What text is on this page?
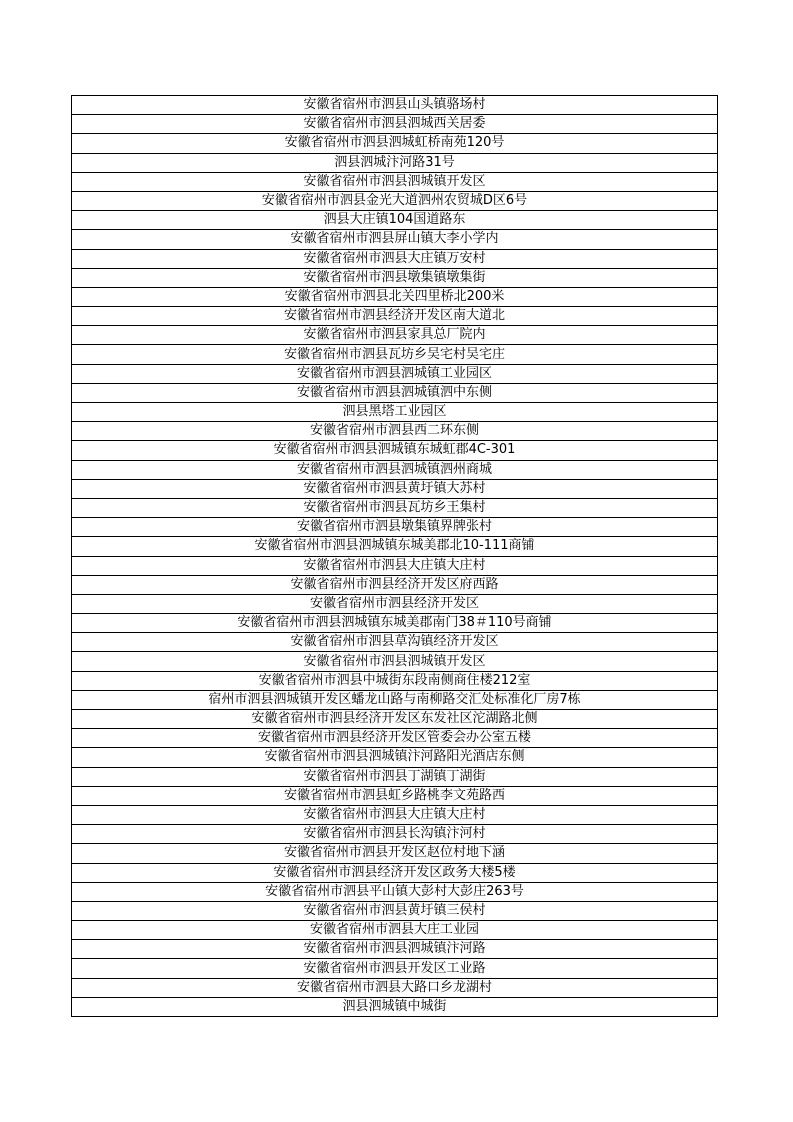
安徽省宿州市泗县山头镇骆场村
安徽省宿州市泗县泗城西关居委
安徽省宿州市泗县泗城虹桥南苑120号
泗县泗城汴河路31号
安徽省宿州市泗县泗城镇开发区
安徽省宿州市泗县金光大道泗州农贸城D区6号
泗县大庄镇104国道路东
安徽省宿州市泗县屏山镇大李小学内
安徽省宿州市泗县大庄镇万安村
安徽省宿州市泗县墩集镇墩集街
安徽省宿州市泗县北关四里桥北200米
安徽省宿州市泗县经济开发区南大道北
安徽省宿州市泗县家具总厂院内
安徽省宿州市泗县瓦坊乡吴宅村吴宅庄
安徽省宿州市泗县泗城镇工业园区
安徽省宿州市泗县泗城镇泗中东侧
泗县黑塔工业园区
安徽省宿州市泗县西二环东侧
安徽省宿州市泗县泗城镇东城虹郡4C-301
安徽省宿州市泗县泗城镇泗州商城
安徽省宿州市泗县黄圩镇大苏村
安徽省宿州市泗县瓦坊乡王集村
安徽省宿州市泗县墩集镇界牌张村
安徽省宿州市泗县泗城镇东城美郡北10-111商铺
安徽省宿州市泗县大庄镇大庄村
安徽省宿州市泗县经济开发区府西路
安徽省宿州市泗县经济开发区
安徽省宿州市泗县泗城镇东城美郡南门38＃110号商铺
安徽省宿州市泗县草沟镇经济开发区
安徽省宿州市泗县泗城镇开发区
安徽省宿州市泗县中城街东段南侧商住楼212室
宿州市泗县泗城镇开发区蟠龙山路与南柳路交汇处标准化厂房7栋
安徽省宿州市泗县经济开发区东发社区沱湖路北侧
安徽省宿州市泗县经济开发区管委会办公室五楼
安徽省宿州市泗县泗城镇汴河路阳光酒店东侧
安徽省宿州市泗县丁湖镇丁湖街
安徽省宿州市泗县虹乡路桃李文苑路西
安徽省宿州市泗县大庄镇大庄村
安徽省宿州市泗县长沟镇汴河村
安徽省宿州市泗县开发区赵位村地下涵
安徽省宿州市泗县经济开发区政务大楼5楼
安徽省宿州市泗县平山镇大彭村大彭庄263号
安徽省宿州市泗县黄圩镇三侯村
安徽省宿州市泗县大庄工业园
安徽省宿州市泗县泗城镇汴河路
安徽省宿州市泗县开发区工业路
安徽省宿州市泗县大路口乡龙湖村
泗县泗城镇中城街
